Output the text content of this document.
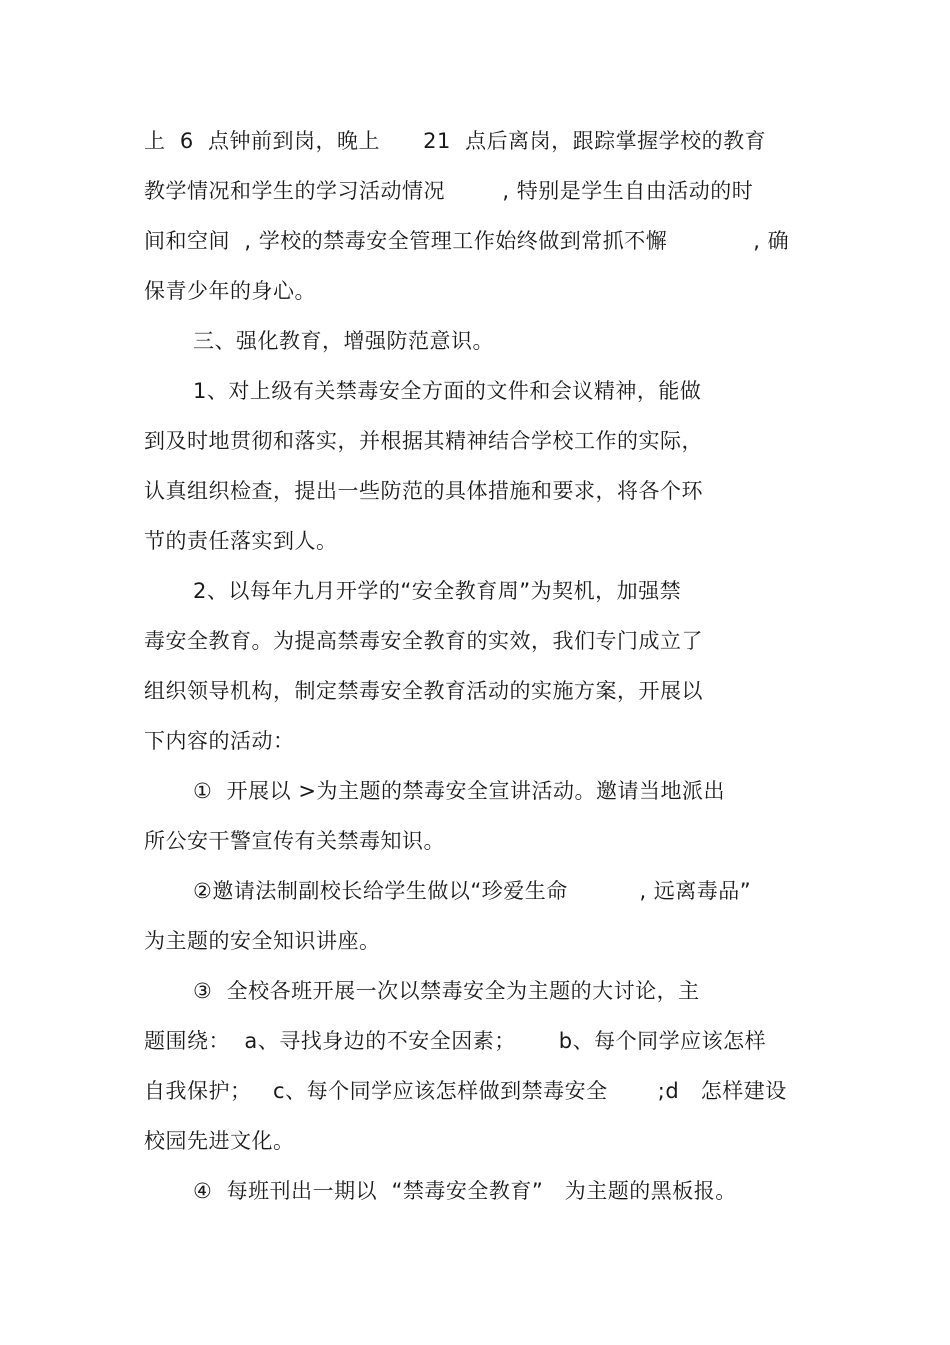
上  6  点钟前到岗，晚上      21  点后离岗，跟踪掌握学校的教育
教学情况和学生的学习活动情况        , 特别是学生自由活动的时
间和空间  , 学校的禁毒安全管理工作始终做到常抓不懈            , 确
保青少年的身心。
三、强化教育，增强防范意识。
1、对上级有关禁毒安全方面的文件和会议精神，能做
到及时地贯彻和落实，并根据其精神结合学校工作的实际，
认真组织检查，提出一些防范的具体措施和要求，将各个环
节的责任落实到人。
2、以每年九月开学的“安全教育周”为契机，加强禁
毒安全教育。为提高禁毒安全教育的实效，我们专门成立了
组织领导机构，制定禁毒安全教育活动的实施方案，开展以
下内容的活动：
①  开展以 >为主题的禁毒安全宣讲活动。邀请当地派出
所公安干警宣传有关禁毒知识。
②邀请法制副校长给学生做以“珍爱生命          , 远离毒品”
为主题的安全知识讲座。
③  全校各班开展一次以禁毒安全为主题的大讨论，主
题围绕：  a、寻找身边的不安全因素；      b、每个同学应该怎样
自我保护；   c、每个同学应该怎样做到禁毒安全       ;d   怎样建设
校园先进文化。
④  每班刊出一期以  “禁毒安全教育”   为主题的黑板报。
